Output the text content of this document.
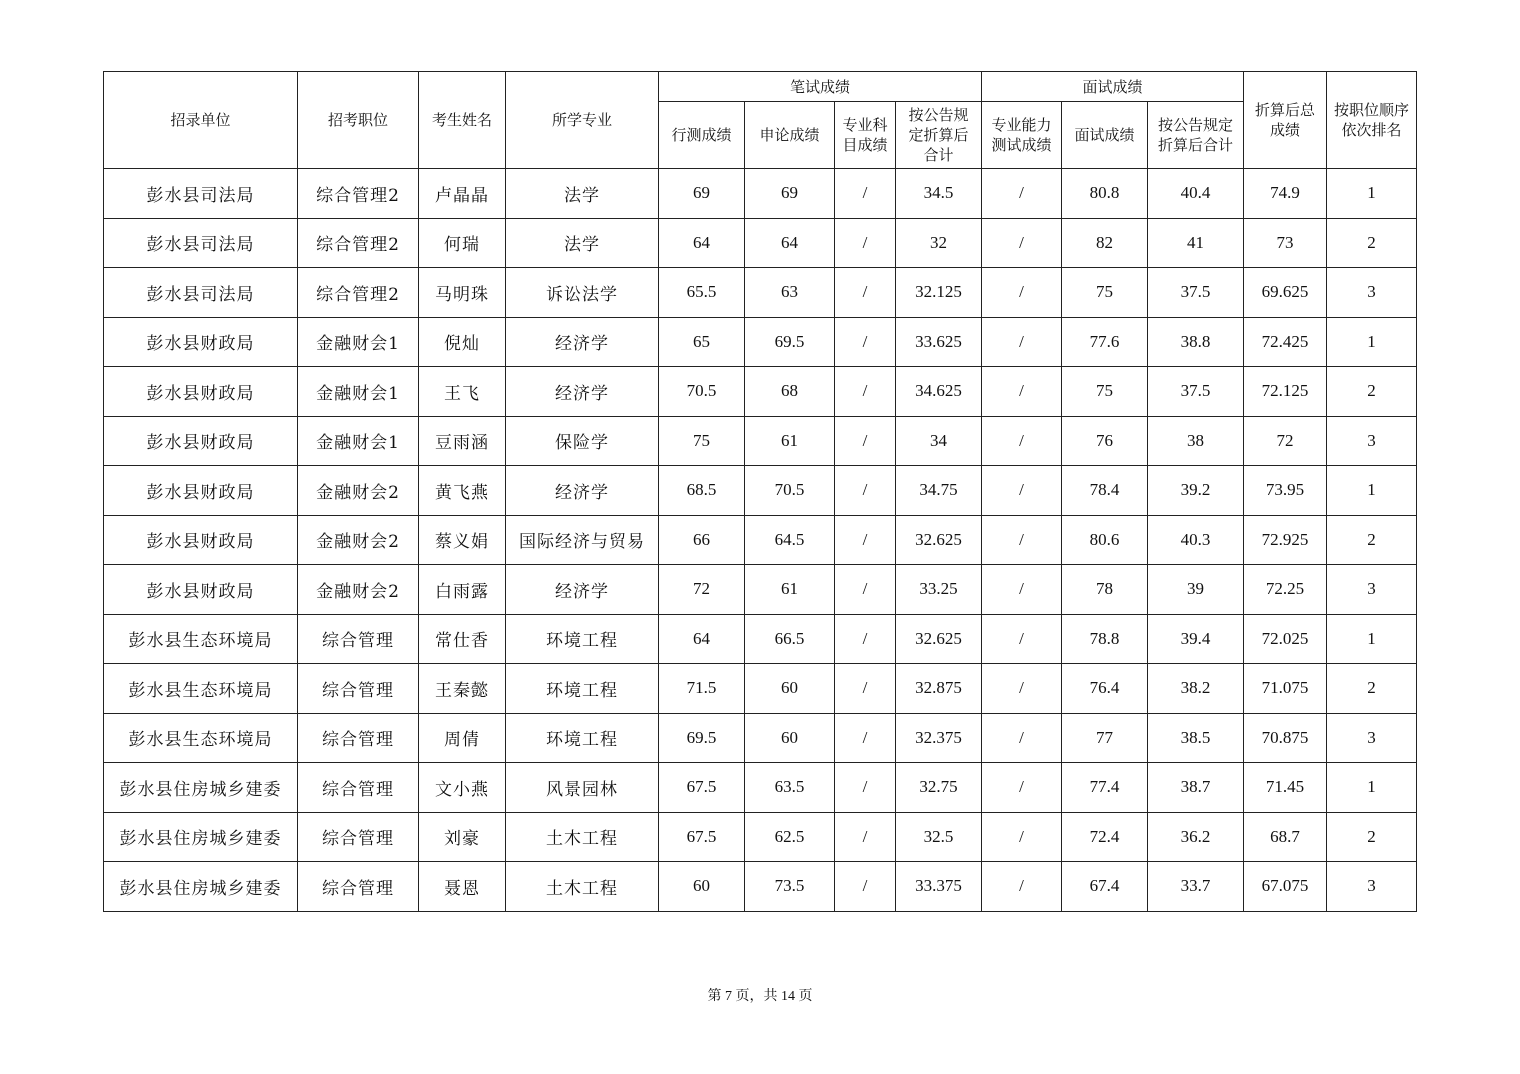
招录单位	招考职位	考生姓名	所学专业	笔试成绩				面试成绩			折算后总成绩	按职位顺序依次排名
				行测成绩	申论成绩	专业科目成绩	按公告规定折算后合计	专业能力测试成绩	面试成绩	按公告规定折算后合计		
彭水县司法局	综合管理2	卢晶晶	法学	69	69	/	34.5	/	80.8	40.4	74.9	1
彭水县司法局	综合管理2	何瑞	法学	64	64	/	32	/	82	41	73	2
彭水县司法局	综合管理2	马明珠	诉讼法学	65.5	63	/	32.125	/	75	37.5	69.625	3
彭水县财政局	金融财会1	倪灿	经济学	65	69.5	/	33.625	/	77.6	38.8	72.425	1
彭水县财政局	金融财会1	王飞	经济学	70.5	68	/	34.625	/	75	37.5	72.125	2
彭水县财政局	金融财会1	豆雨涵	保险学	75	61	/	34	/	76	38	72	3
彭水县财政局	金融财会2	黄飞燕	经济学	68.5	70.5	/	34.75	/	78.4	39.2	73.95	1
彭水县财政局	金融财会2	蔡义娟	国际经济与贸易	66	64.5	/	32.625	/	80.6	40.3	72.925	2
彭水县财政局	金融财会2	白雨露	经济学	72	61	/	33.25	/	78	39	72.25	3
彭水县生态环境局	综合管理	常仕香	环境工程	64	66.5	/	32.625	/	78.8	39.4	72.025	1
彭水县生态环境局	综合管理	王秦懿	环境工程	71.5	60	/	32.875	/	76.4	38.2	71.075	2
彭水县生态环境局	综合管理	周倩	环境工程	69.5	60	/	32.375	/	77	38.5	70.875	3
彭水县住房城乡建委	综合管理	文小燕	风景园林	67.5	63.5	/	32.75	/	77.4	38.7	71.45	1
彭水县住房城乡建委	综合管理	刘豪	土木工程	67.5	62.5	/	32.5	/	72.4	36.2	68.7	2
彭水县住房城乡建委	综合管理	聂恩	土木工程	60	73.5	/	33.375	/	67.4	33.7	67.075	3
第 7 页，共 14 页
